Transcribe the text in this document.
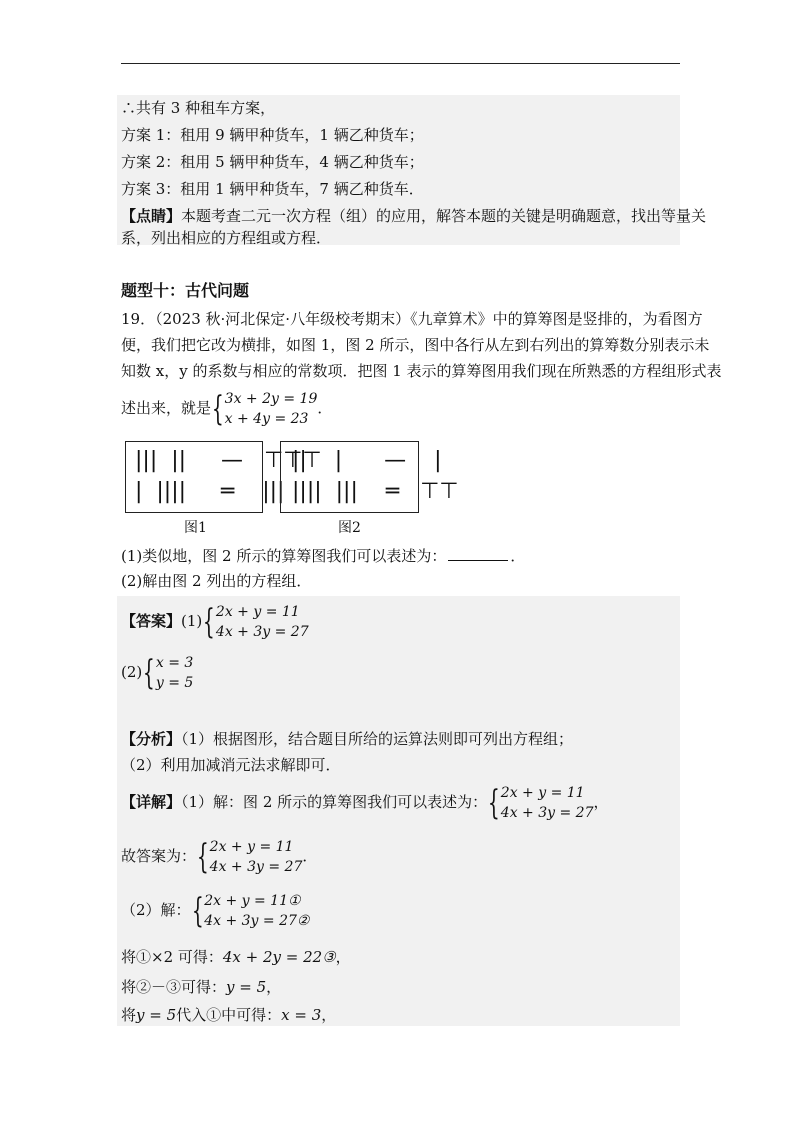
∴共有 3 种租车方案，
方案 1：租用 9 辆甲种货车，1 辆乙种货车；
方案 2：租用 5 辆甲种货车，4 辆乙种货车；
方案 3：租用 1 辆甲种货车，7 辆乙种货车．
【点睛】本题考查二元一次方程（组）的应用，解答本题的关键是明确题意，找出等量关
系，列出相应的方程组或方程．
题型十：古代问题
19．（2023 秋·河北保定·八年级校考期末）《九章算术》中的算筹图是竖排的，为看图方
便，我们把它改为横排，如图 1，图 2 所示，图中各行从左到右列出的算筹数分别表示未
知数 x，y 的系数与相应的常数项．把图 1 表示的算筹图用我们现在所熟悉的方程组形式表
述出来，就是 { 3x + 2y = 19
x + 4y = 23
．
|||  ||     —   ⊤⊤⊤
|  ||||     ═    |||
图1
||    |      —    |
||||  |||    ═   ⊤⊤
图2
(1)类似地，图 2 所示的算筹图我们可以表述为：	．
(2)解由图 2 列出的方程组．
【答案】(1) { 2x + y = 11
4x + 3y = 27
(2) { x = 3
y = 5
【分析】（1）根据图形，结合题目所给的运算法则即可列出方程组；
（2）利用加减消元法求解即可．
【详解】（1）解：图 2 所示的算筹图我们可以表述为： { 2x + y = 11
4x + 3y = 27
，
故答案为： { 2x + y = 11
4x + 3y = 27
．
（2）解： { 2x + y = 11①
4x + 3y = 27②
将①×2 可得：4x + 2y = 22③，
将②－③可得：y = 5，
将y = 5代入①中可得：x = 3，
